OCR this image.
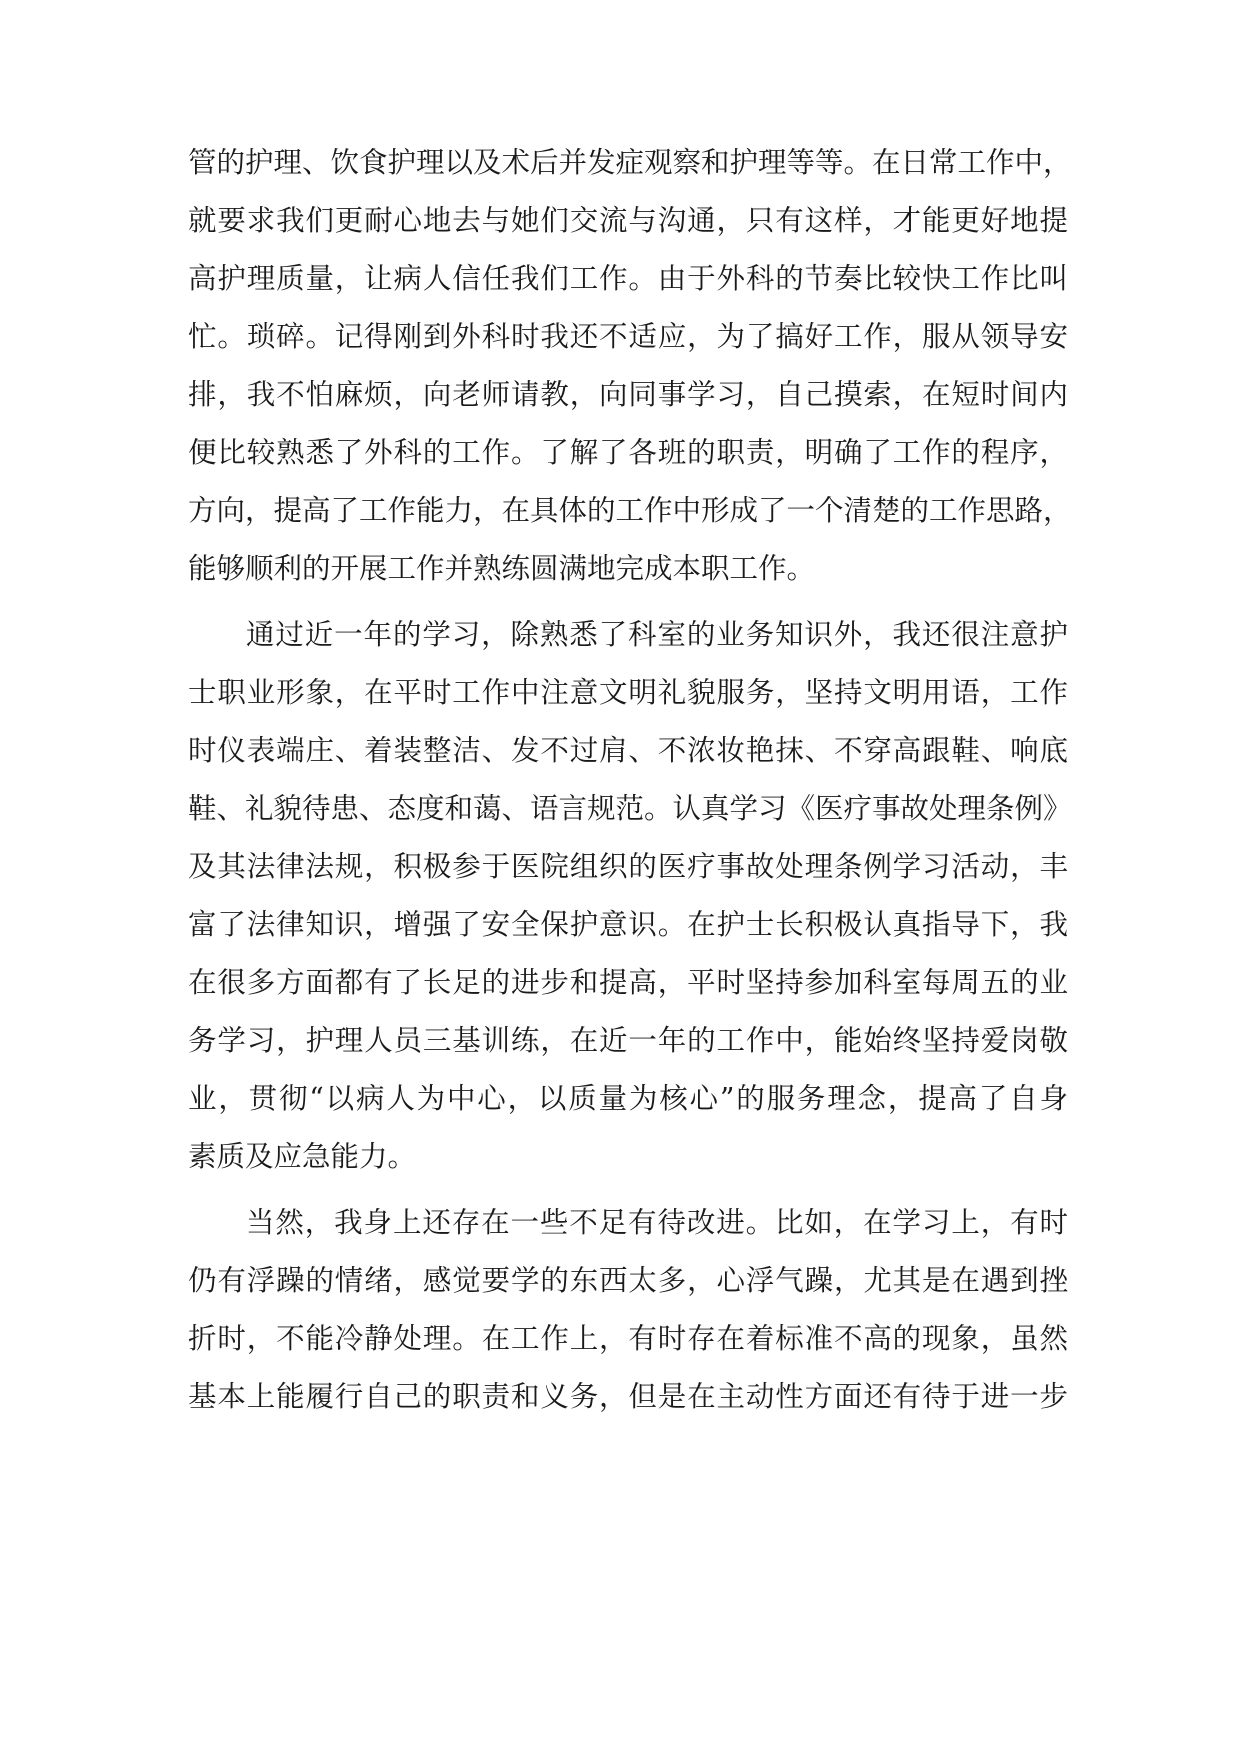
管的护理、饮食护理以及术后并发症观察和护理等等。在日常工作中，
就要求我们更耐心地去与她们交流与沟通，只有这样，才能更好地提
高护理质量，让病人信任我们工作。由于外科的节奏比较快工作比叫
忙。琐碎。记得刚到外科时我还不适应，为了搞好工作，服从领导安
排，我不怕麻烦，向老师请教，向同事学习，自己摸索，在短时间内
便比较熟悉了外科的工作。了解了各班的职责，明确了工作的程序，
方向，提高了工作能力，在具体的工作中形成了一个清楚的工作思路，
能够顺利的开展工作并熟练圆满地完成本职工作。
通过近一年的学习，除熟悉了科室的业务知识外，我还很注意护
士职业形象，在平时工作中注意文明礼貌服务，坚持文明用语，工作
时仪表端庄、着装整洁、发不过肩、不浓妆艳抹、不穿高跟鞋、响底
鞋、礼貌待患、态度和蔼、语言规范。认真学习《医疗事故处理条例》
及其法律法规，积极参于医院组织的医疗事故处理条例学习活动，丰
富了法律知识，增强了安全保护意识。在护士长积极认真指导下，我
在很多方面都有了长足的进步和提高，平时坚持参加科室每周五的业
务学习，护理人员三基训练，在近一年的工作中，能始终坚持爱岗敬
业，贯彻“以病人为中心，以质量为核心”的服务理念，提高了自身
素质及应急能力。
当然，我身上还存在一些不足有待改进。比如，在学习上，有时
仍有浮躁的情绪，感觉要学的东西太多，心浮气躁，尤其是在遇到挫
折时，不能冷静处理。在工作上，有时存在着标准不高的现象，虽然
基本上能履行自己的职责和义务，但是在主动性方面还有待于进一步
